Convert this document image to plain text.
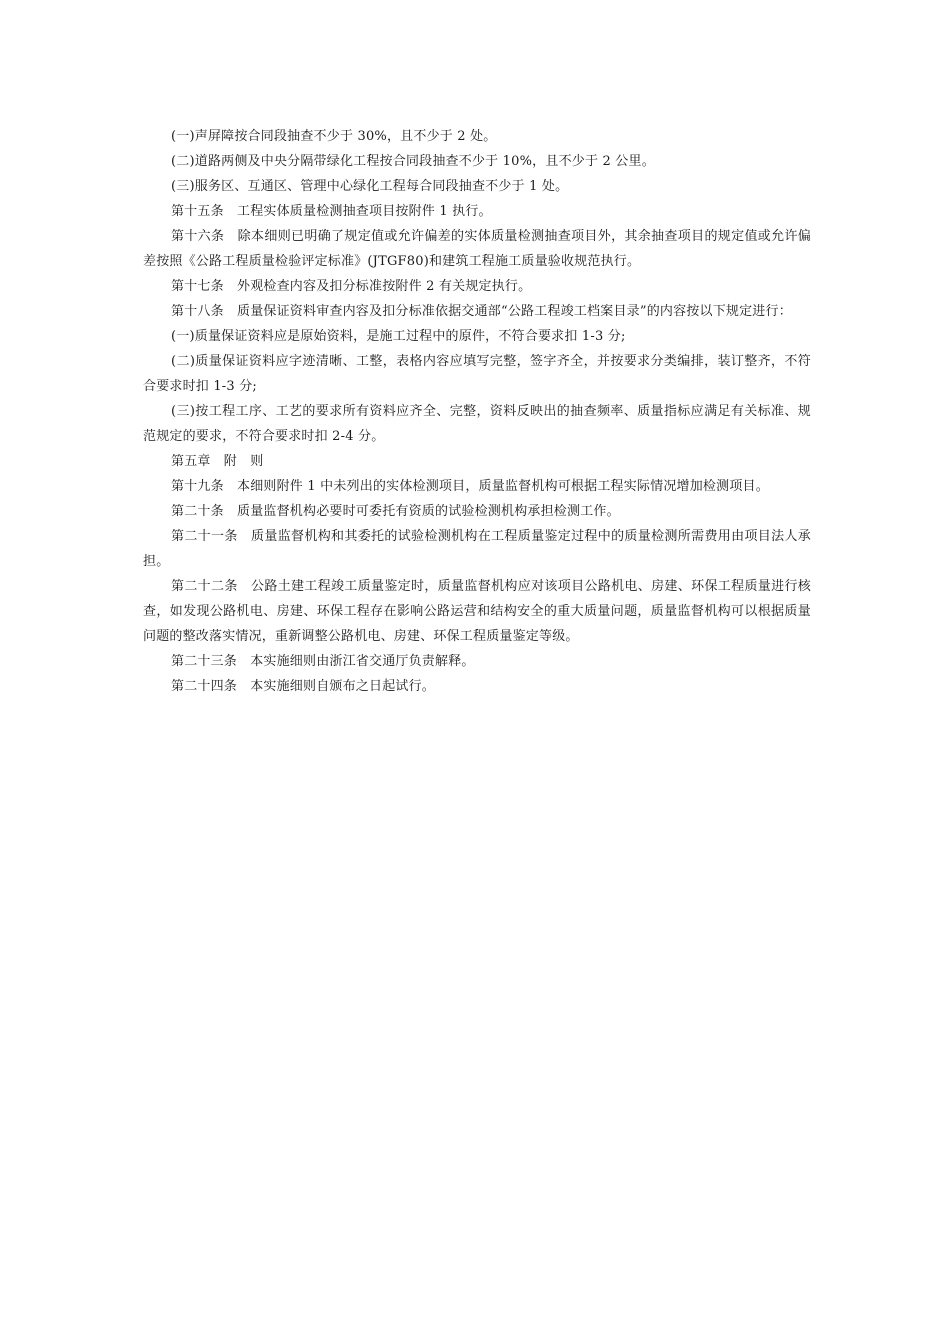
(一)声屏障按合同段抽查不少于 30%，且不少于 2 处。

(二)道路两侧及中央分隔带绿化工程按合同段抽查不少于 10%，且不少于 2 公里。

(三)服务区、互通区、管理中心绿化工程每合同段抽查不少于 1 处。

第十五条　工程实体质量检测抽查项目按附件 1 执行。

第十六条　除本细则已明确了规定值或允许偏差的实体质量检测抽查项目外，其余抽查项目的规定值或允许偏差按照《公路工程质量检验评定标准》(JTGF80)和建筑工程施工质量验收规范执行。

第十七条　外观检查内容及扣分标准按附件 2 有关规定执行。

第十八条　质量保证资料审查内容及扣分标准依据交通部“公路工程竣工档案目录”的内容按以下规定进行：

(一)质量保证资料应是原始资料，是施工过程中的原件，不符合要求扣 1-3 分;

(二)质量保证资料应字迹清晰、工整，表格内容应填写完整，签字齐全，并按要求分类编排，装订整齐，不符合要求时扣 1-3 分;

(三)按工程工序、工艺的要求所有资料应齐全、完整，资料反映出的抽查频率、质量指标应满足有关标准、规范规定的要求，不符合要求时扣 2-4 分。

第五章　附　则

第十九条　本细则附件 1 中未列出的实体检测项目，质量监督机构可根据工程实际情况增加检测项目。

第二十条　质量监督机构必要时可委托有资质的试验检测机构承担检测工作。

第二十一条　质量监督机构和其委托的试验检测机构在工程质量鉴定过程中的质量检测所需费用由项目法人承担。

第二十二条　公路土建工程竣工质量鉴定时，质量监督机构应对该项目公路机电、房建、环保工程质量进行核查，如发现公路机电、房建、环保工程存在影响公路运营和结构安全的重大质量问题，质量监督机构可以根据质量问题的整改落实情况，重新调整公路机电、房建、环保工程质量鉴定等级。

第二十三条　本实施细则由浙江省交通厅负责解释。

第二十四条　本实施细则自颁布之日起试行。
